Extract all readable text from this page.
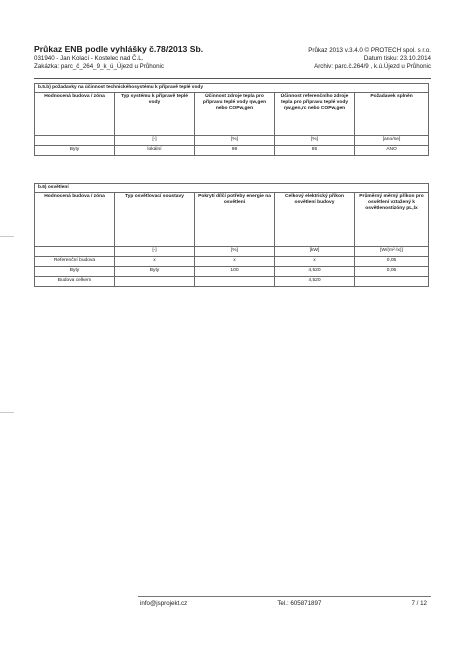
Průkaz ENB podle vyhlášky č.78/2013 Sb.	Průkaz 2013 v.3.4.0 © PROTECH spol. s r.o.
031940 - Jan Kolací - Kostelec nad Č.L.	Datum tisku: 23.10.2014
Zakázka: parc_č_264_9_k_ú_Újezd u Průhonic	Archiv: parc.č.264/9 , k.ú.Újezd u Průhonic
b.5.b) požadavky na účinnost technickéhosystému k přípravě teplé vody				
Hodnocená budova / zóna	Typ systému k přípravě teplé vody	Účinnost zdroje tepla pro přípravu teplé vody ηw,gen nebo COPw,gen	Účinnost referenčního zdroje tepla pro přípravu teplé vody ηw,gen,rc nebo COPw,gen	Požadavek splněn
	[-]	[%]	[%]	[ano/ne]
Byty	lokální	98	85	ANO
b.6) osvětlení				
Hodnocená budova / zóna	Typ osvětlovací soustavy	Pokrytí dílčí potřeby energie na osvětlení	Celkový elektrický příkon osvětlení budovy	Průměrný měrný příkon pro osvětlení vztažený k osvětlenostizóny pL,lx
	[-]	[%]	[kW]	[W/(m²·lx)]
Referenční budova	x	x	x	0,05
Byty	Byty	100	4,520	0,05
Budova celkem			4,520	
info@jsprojekt.cz	Tel.: 605871897	7 / 12
